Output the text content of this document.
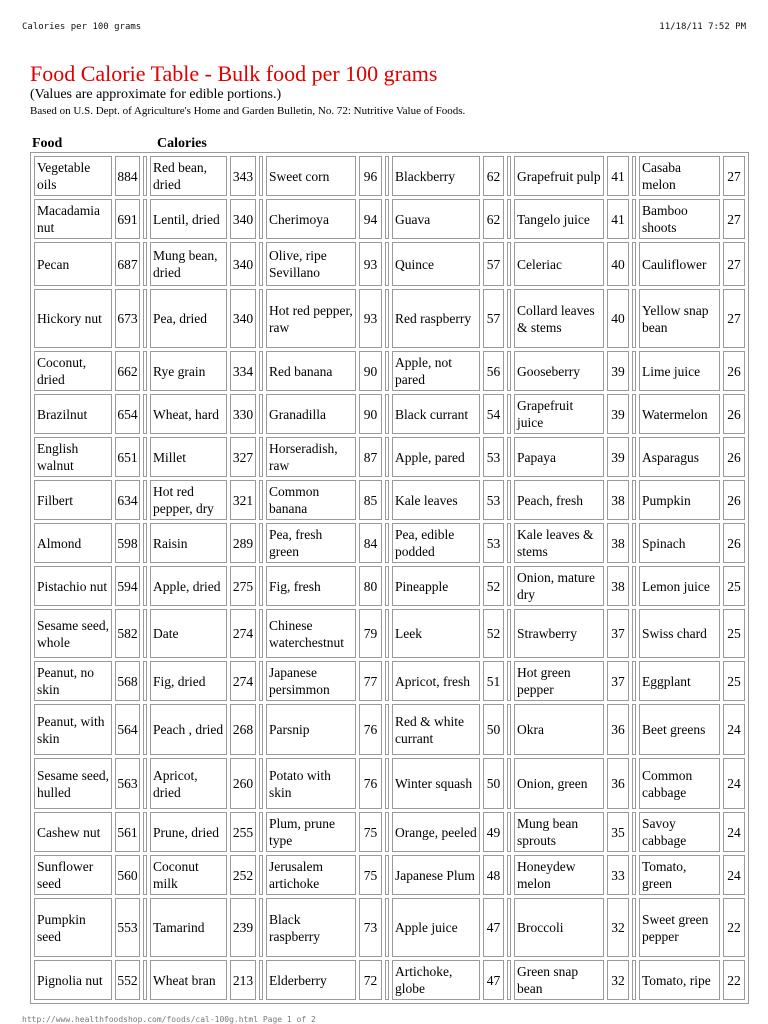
Calories per 100 grams	11/18/11 7:52 PM
Food Calorie Table - Bulk food per 100 grams
(Values are approximate for edible portions.)
Based on U.S. Dept. of Agriculture's Home and Garden Bulletin, No. 72: Nutritive Value of Foods.
Food	Calories
Vegetable oils	884		Red bean, dried	343		Sweet corn	96		Blackberry	62		Grapefruit pulp	41		Casaba melon	27
Macadamia nut	691		Lentil, dried	340		Cherimoya	94		Guava	62		Tangelo juice	41		Bamboo shoots	27
Pecan	687		Mung bean, dried	340		Olive, ripe Sevillano	93		Quince	57		Celeriac	40		Cauliflower	27
Hickory nut	673		Pea, dried	340		Hot red pepper, raw	93		Red raspberry	57		Collard leaves & stems	40		Yellow snap bean	27
Coconut, dried	662		Rye grain	334		Red banana	90		Apple, not pared	56		Gooseberry	39		Lime juice	26
Brazilnut	654		Wheat, hard	330		Granadilla	90		Black currant	54		Grapefruit juice	39		Watermelon	26
English walnut	651		Millet	327		Horseradish, raw	87		Apple, pared	53		Papaya	39		Asparagus	26
Filbert	634		Hot red pepper, dry	321		Common banana	85		Kale leaves	53		Peach, fresh	38		Pumpkin	26
Almond	598		Raisin	289		Pea, fresh green	84		Pea, edible podded	53		Kale leaves & stems	38		Spinach	26
Pistachio nut	594		Apple, dried	275		Fig, fresh	80		Pineapple	52		Onion, mature dry	38		Lemon juice	25
Sesame seed, whole	582		Date	274		Chinese waterchestnut	79		Leek	52		Strawberry	37		Swiss chard	25
Peanut, no skin	568		Fig, dried	274		Japanese persimmon	77		Apricot, fresh	51		Hot green pepper	37		Eggplant	25
Peanut, with skin	564		Peach , dried	268		Parsnip	76		Red & white currant	50		Okra	36		Beet greens	24
Sesame seed, hulled	563		Apricot, dried	260		Potato with skin	76		Winter squash	50		Onion, green	36		Common cabbage	24
Cashew nut	561		Prune, dried	255		Plum, prune type	75		Orange, peeled	49		Mung bean sprouts	35		Savoy cabbage	24
Sunflower seed	560		Coconut milk	252		Jerusalem artichoke	75		Japanese Plum	48		Honeydew melon	33		Tomato, green	24
Pumpkin seed	553		Tamarind	239		Black raspberry	73		Apple juice	47		Broccoli	32		Sweet green pepper	22
Pignolia nut	552		Wheat bran	213		Elderberry	72		Artichoke, globe	47		Green snap bean	32		Tomato, ripe	22
http://www.healthfoodshop.com/foods/cal-100g.html Page 1 of 2
